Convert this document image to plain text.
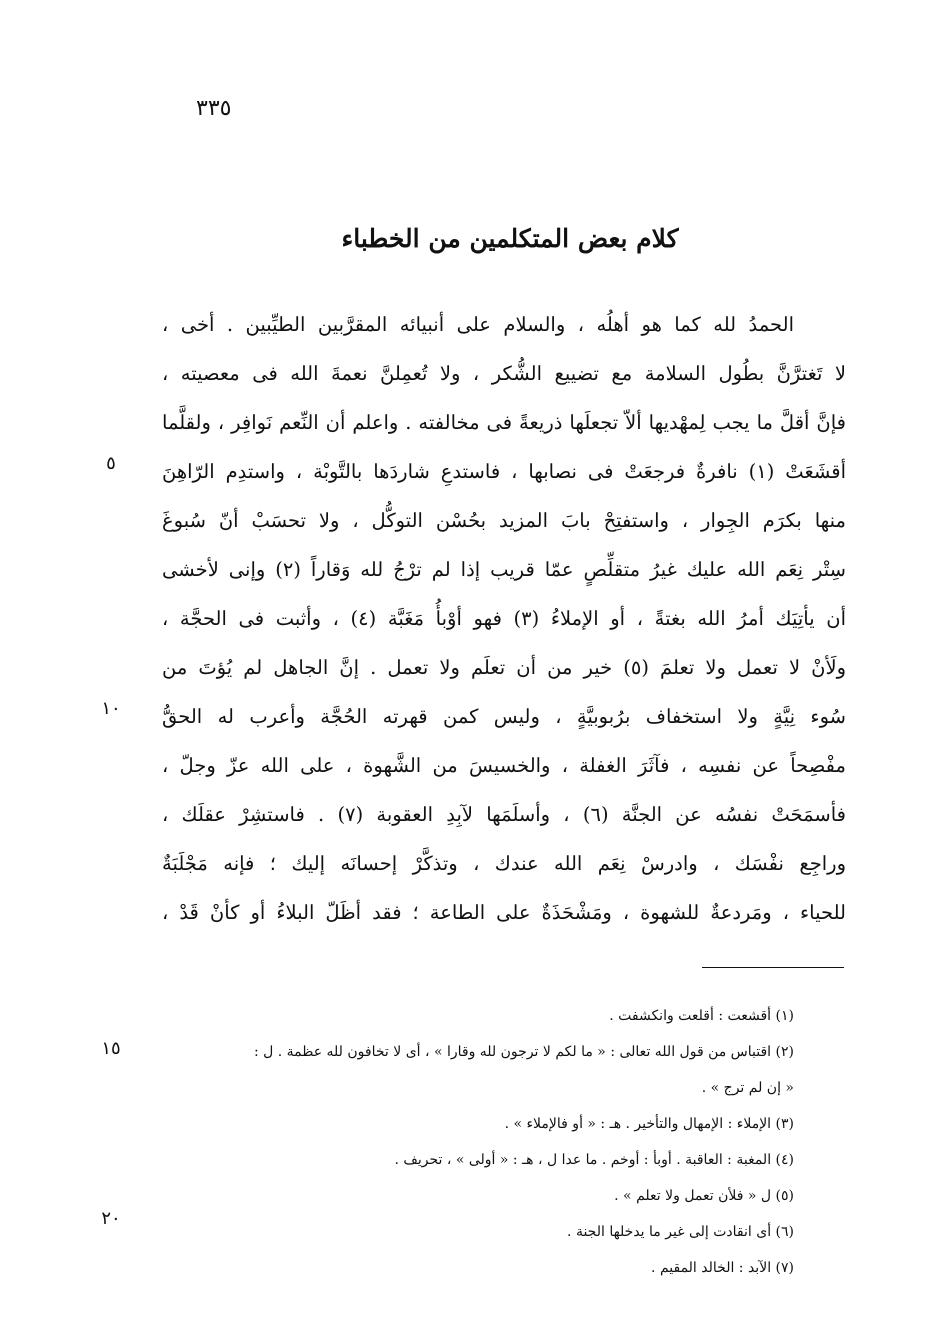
٣٣٥
كلام بعض المتكلمين من الخطباء
الحمدُ لله كما هو أهلُه ، والسلام على أنبيائه المقرَّبين الطيِّبين . أخى ،
لا تَغترَّنَّ بطُول السلامة مع تضييع الشُّكر ، ولا تُعمِلنَّ نعمةَ الله فى معصيته ،
فإنَّ أقلَّ ما يجب لِمهْديها ألاّ تجعلَها ذريعةً فى مخالفته . واعلم أن النِّعم نَوافِر ، ولقلَّما
أقشَعَتْ (١) نافرةٌ فرجعَتْ فى نصابها ، فاستدعِ شاردَها بالتَّوبْة ، واستدِم الرّاهِنَ
منها بكرَم الجِوار ، واستفتِحْ بابَ المزيد بحُسْن التوكُّل ، ولا تحسَبْ أنّ سُبوغَ
سِتْر نِعَم الله عليك غيرُ متقلِّصٍ عمّا قريب إذا لم ترْجُ لله وَقاراً (٢) وإنى لأخشى
أن يأتِيَك أمرُ الله بغتةً ، أو الإملاءُ (٣) فهو أوْبأُ مَغَبَّة (٤) ، وأثبت فى الحجَّة ،
ولَأنْ لا تعمل ولا تعلمَ (٥) خير من أن تعلَم ولا تعمل . إنَّ الجاهل لم يُؤتَ من
سُوء نِيَّةٍ ولا استخفاف برُبوبيَّةٍ ، وليس كمن قهرته الحُجَّة وأعرب له الحقُّ
مفْصِحاً عن نفسِه ، فآثَرَ الغفلة ، والخسيسَ من الشَّهوة ، على الله عزّ وجلّ ،
فأسمَحَتْ نفسُه عن الجنَّة (٦) ، وأسلَمَها لآبِدِ العقوبة (٧) . فاستشِرْ عقلَك ،
وراجِع نفْسَك ، وادرسْ نِعَم الله عندك ، وتذكَّرْ إحسانَه إليك ؛ فإنه مَجْلَبَةٌ
للحياء ، ومَردعةٌ للشهوة ، ومَشْحَذَةٌ على الطاعة ؛ فقد أظَلّ البلاءُ أو كأنْ قَدْ ،
٥
١٠
(١) أقشعت : أقلعت وانكشفت .
(٢) اقتباس من قول الله تعالى : « ما لكم لا ترجون لله وقارا » ، أى لا تخافون لله عظمة . ل :
« إن لم ترج » .
(٣) الإملاء : الإمهال والتأخير . هـ : « أو فالإملاء » .
(٤) المغبة : العاقبة . أوبأ : أوخم . ما عدا ل ، هـ : « أولى » ، تحريف .
(٥) ل « فلأن تعمل ولا تعلم » .
(٦) أى انقادت إلى غير ما يدخلها الجنة .
(٧) الآبد : الخالد المقيم .
١٥
٢٠
